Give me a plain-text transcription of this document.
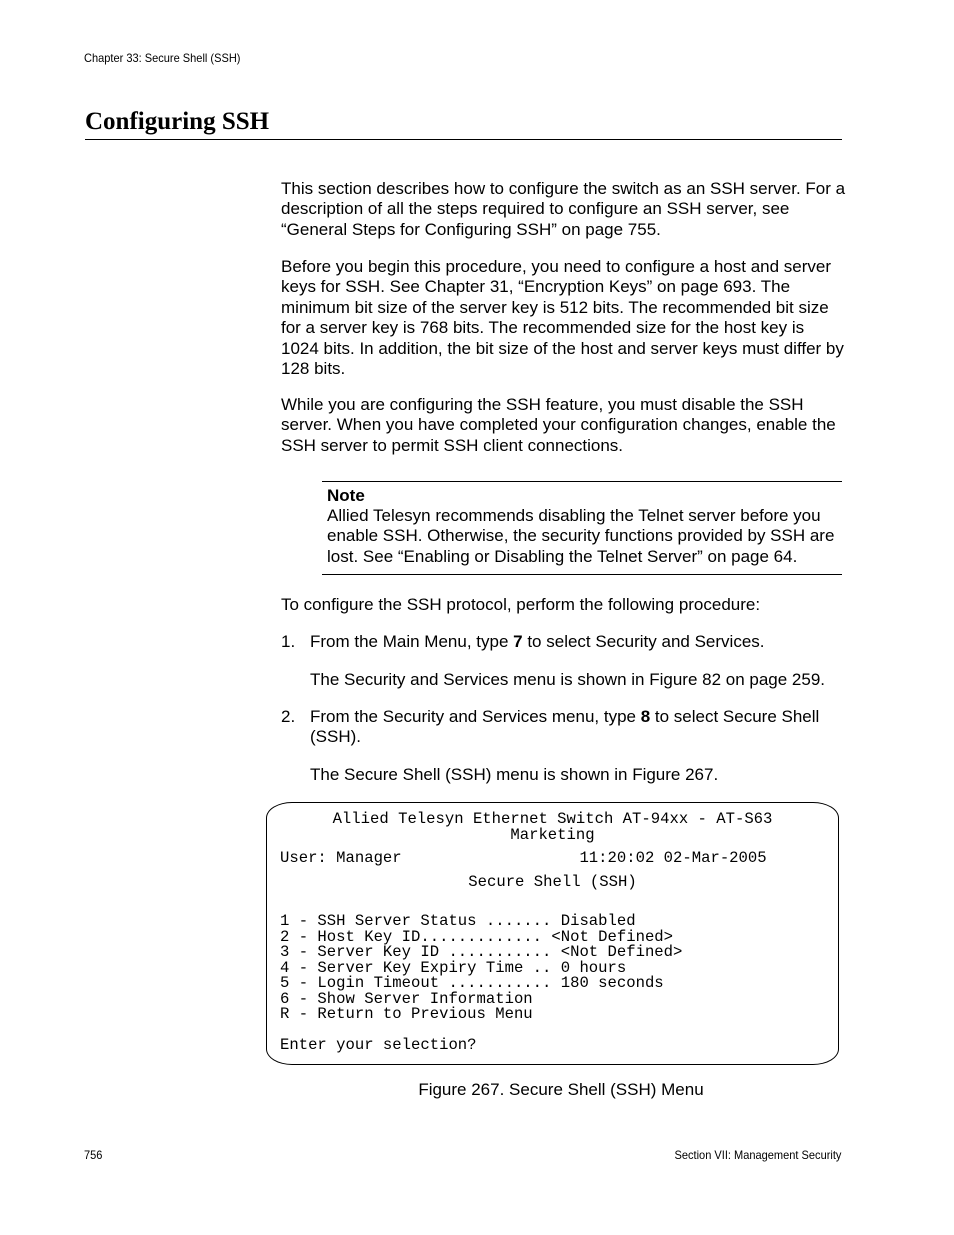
Chapter 33: Secure Shell (SSH)
Configuring SSH

This section describes how to configure the switch as an SSH server. For a description of all the steps required to configure an SSH server, see “General Steps for Configuring SSH” on page 755.

Before you begin this procedure, you need to configure a host and server keys for SSH. See Chapter 31, “Encryption Keys” on page 693. The minimum bit size of the server key is 512 bits. The recommended bit size for a server key is 768 bits. The recommended size for the host key is 1024 bits. In addition, the bit size of the host and server keys must differ by 128 bits.

While you are configuring the SSH feature, you must disable the SSH server. When you have completed your configuration changes, enable the SSH server to permit SSH client connections.

Note

Allied Telesyn recommends disabling the Telnet server before you enable SSH. Otherwise, the security functions provided by SSH are lost. See “Enabling or Disabling the Telnet Server” on page 64.

To configure the SSH protocol, perform the following procedure:

1. From the Main Menu, type 7 to select Security and Services.

The Security and Services menu is shown in Figure 82 on page 259.

2. From the Security and Services menu, type 8 to select Secure Shell (SSH).

The Secure Shell (SSH) menu is shown in Figure 267.

Allied Telesyn Ethernet Switch AT-94xx - AT-S63
Marketing
User: Manager                   11:20:02 02-Mar-2005
Secure Shell (SSH)
1 - SSH Server Status ....... Disabled
2 - Host Key ID............. <Not Defined>
3 - Server Key ID ........... <Not Defined>
4 - Server Key Expiry Time .. 0 hours
5 - Login Timeout ........... 180 seconds
6 - Show Server Information
R - Return to Previous Menu
Enter your selection?
Figure 267. Secure Shell (SSH) Menu
756	Section VII: Management Security
